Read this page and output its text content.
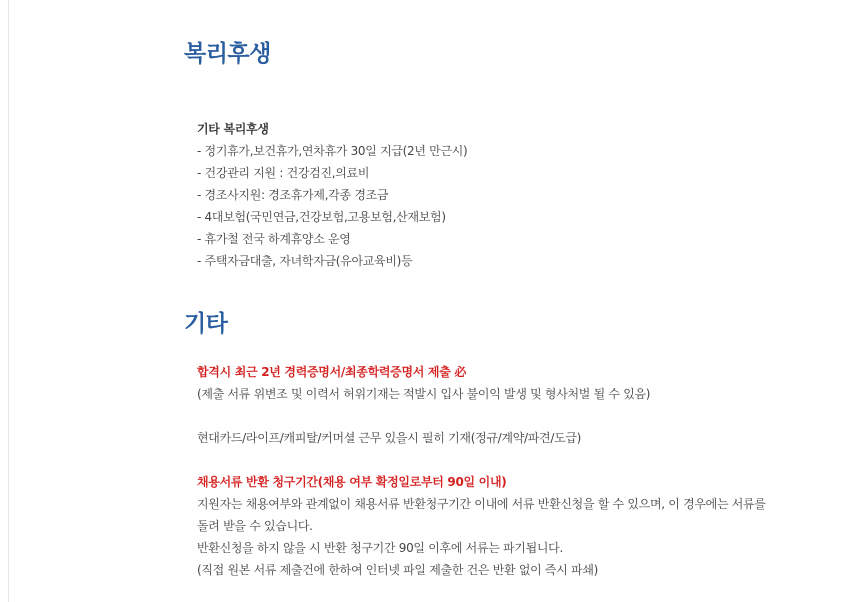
복리후생
기타 복리후생
- 정기휴가,보건휴가,연차휴가 30일 지급(2년 만근시)
- 건강관리 지원 : 건강검진,의료비
- 경조사지원: 경조휴가제,각종 경조금
- 4대보험(국민연금,건강보험,고용보험,산재보험)
- 휴가철 전국 하계휴양소 운영
- 주택자금대출, 자녀학자금(유아교육비)등
기타

합격시 최근 2년 경력증명서/최종학력증명서 제출 必

(제출 서류 위변조 및 이력서 허위기재는 적발시 입사 불이익 발생 및 형사처벌 될 수 있음)

현대카드/라이프/캐피탈/커머셜 근무 있을시 필히 기재(정규/계약/파견/도급)

채용서류 반환 청구기간(채용 여부 확정일로부터 90일 이내)

지원자는 채용여부와 관계없이 채용서류 반환청구기간 이내에 서류 반환신청을 할 수 있으며, 이 경우에는 서류를 돌려 받을 수 있습니다.

반환신청을 하지 않을 시 반환 청구기간 90일 이후에 서류는 파기됩니다.

(직접 원본 서류 제출건에 한하여 인터넷 파일 제출한 건은 반환 없이 즉시 파쇄)
